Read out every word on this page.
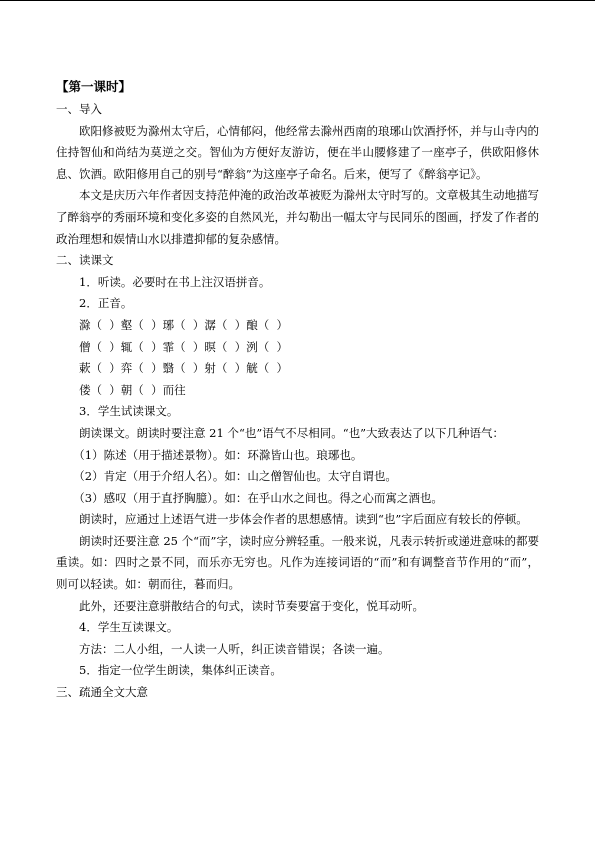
【第一课时】
一、导入
欧阳修被贬为滁州太守后，心情郁闷，他经常去滁州西南的琅琊山饮酒抒怀，并与山寺内的住持智仙和尚结为莫逆之交。智仙为方便好友游访，便在半山腰修建了一座亭子，供欧阳修休息、饮酒。欧阳修用自己的别号“醉翁”为这座亭子命名。后来，便写了《醉翁亭记》。
本文是庆历六年作者因支持范仲淹的政治改革被贬为滁州太守时写的。文章极其生动地描写了醉翁亭的秀丽环境和变化多姿的自然风光，并勾勒出一幅太守与民同乐的图画，抒发了作者的政治理想和娱情山水以排遣抑郁的复杂感情。
二、读课文
1．听读。必要时在书上注汉语拼音。
2．正音。
滁（  ）壑（  ）琊（  ）潺（  ）酿（  ）
僧（  ）辄（  ）霏（  ）暝（  ）洌（  ）
蔌（  ）弈（  ）翳（  ）射（  ）觥（  ）
偻（  ）朝（  ）而往
3．学生试读课文。
朗读课文。朗读时要注意 21 个“也”语气不尽相同。“也”大致表达了以下几种语气：
（1）陈述（用于描述景物）。如：环滁皆山也。琅琊也。
（2）肯定（用于介绍人名）。如：山之僧智仙也。太守自谓也。
（3）感叹（用于直抒胸臆）。如：在乎山水之间也。得之心而寓之酒也。
朗读时，应通过上述语气进一步体会作者的思想感情。读到“也”字后面应有较长的停顿。
朗读时还要注意 25 个“而”字，读时应分辨轻重。一般来说，凡表示转折或递进意味的都要重读。如：四时之景不同，而乐亦无穷也。凡作为连接词语的“而”和有调整音节作用的“而”，则可以轻读。如：朝而往，暮而归。
此外，还要注意骈散结合的句式，读时节奏要富于变化，悦耳动听。
4．学生互读课文。
方法：二人小组，一人读一人听，纠正读音错误；各读一遍。
5．指定一位学生朗读，集体纠正读音。
三、疏通全文大意
